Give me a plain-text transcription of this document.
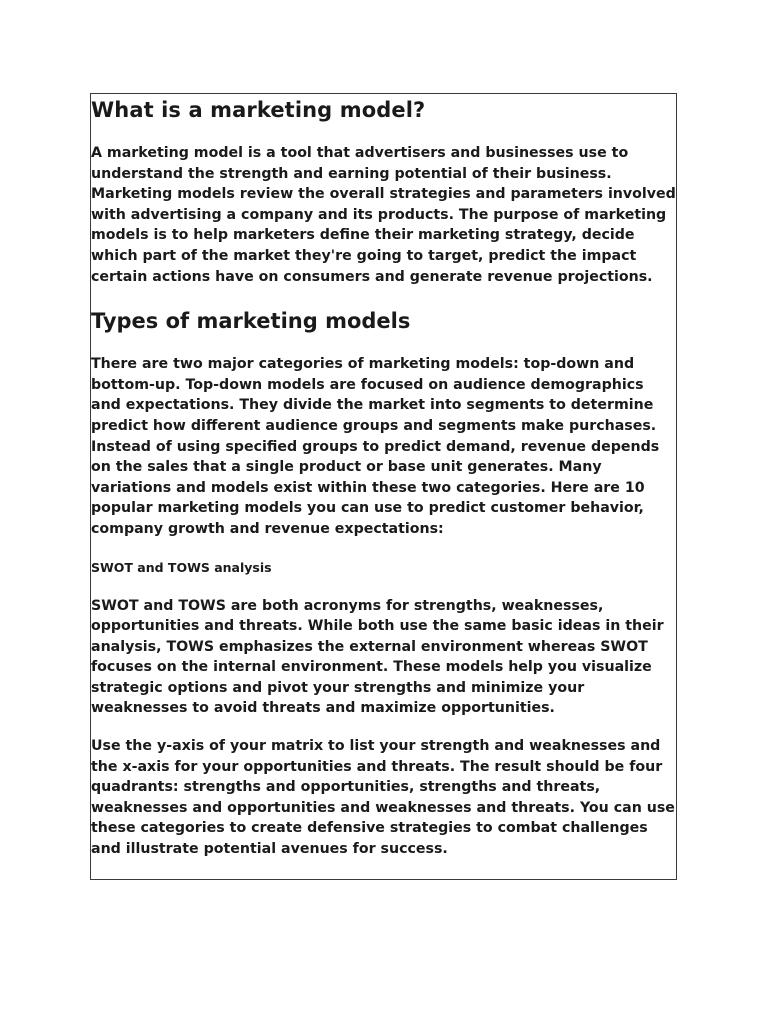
What is a marketing model?

A marketing model is a tool that advertisers and businesses use to understand the strength and earning potential of their business. Marketing models review the overall strategies and parameters involved with advertising a company and its products. The purpose of marketing models is to help marketers define their marketing strategy, decide which part of the market they're going to target, predict the impact certain actions have on consumers and generate revenue projections.

Types of marketing models

There are two major categories of marketing models: top-down and bottom-up. Top-down models are focused on audience demographics and expectations. They divide the market into segments to determine predict how different audience groups and segments make purchases. Instead of using specified groups to predict demand, revenue depends on the sales that a single product or base unit generates. Many variations and models exist within these two categories. Here are 10 popular marketing models you can use to predict customer behavior, company growth and revenue expectations:

SWOT and TOWS analysis

SWOT and TOWS are both acronyms for strengths, weaknesses, opportunities and threats. While both use the same basic ideas in their analysis, TOWS emphasizes the external environment whereas SWOT focuses on the internal environment. These models help you visualize strategic options and pivot your strengths and minimize your weaknesses to avoid threats and maximize opportunities.

Use the y-axis of your matrix to list your strength and weaknesses and the x-axis for your opportunities and threats. The result should be four quadrants: strengths and opportunities, strengths and threats, weaknesses and opportunities and weaknesses and threats. You can use these categories to create defensive strategies to combat challenges and illustrate potential avenues for success.
